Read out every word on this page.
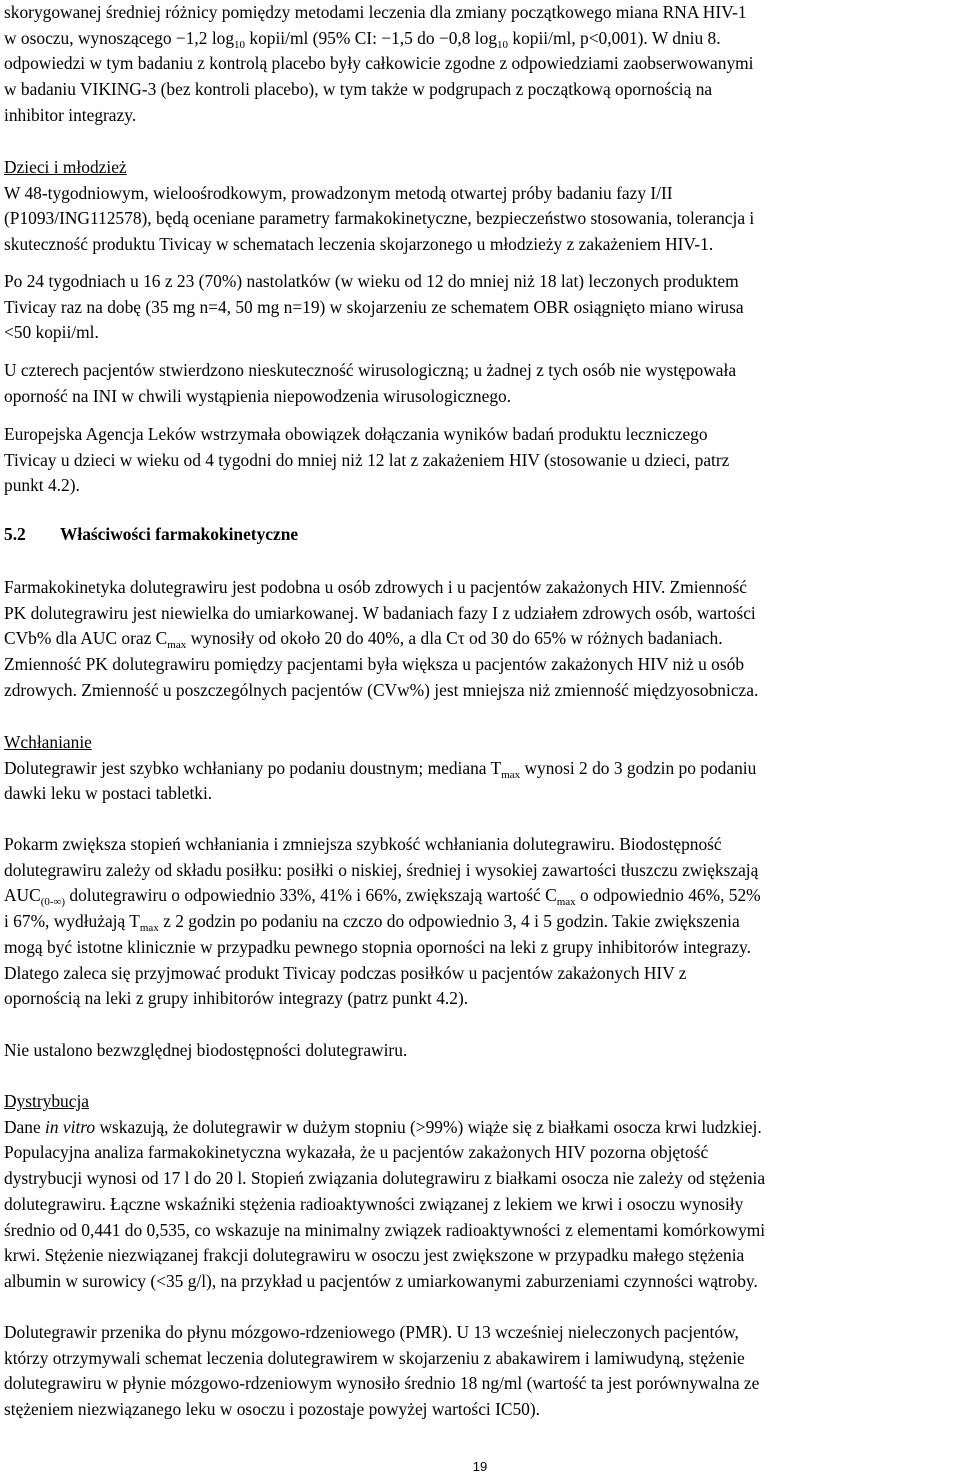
skorygowanej średniej różnicy pomiędzy metodami leczenia dla zmiany początkowego miana RNA HIV-1
w osoczu, wynoszącego −1,2 $\log_{10}$ kopii/ml (95% CI: −1,5 do −0,8 $\log_{10}$ kopii/ml, p<0,001). W dniu 8.
odpowiedzi w tym badaniu z kontrolą placebo były całkowicie zgodne z odpowiedziami zaobserwowanymi
w badaniu VIKING-3 (bez kontroli placebo), w tym także w podgrupach z początkową opornością na
inhibitor integrazy.

Dzieci i młodzież
W 48-tygodniowym, wieloośrodkowym, prowadzonym metodą otwartej próby badaniu fazy I/II
(P1093/ING112578), będą oceniane parametry farmakokinetyczne, bezpieczeństwo stosowania, tolerancja i
skuteczność produktu Tivicay w schematach leczenia skojarzonego u młodzieży z zakażeniem HIV-1.

Po 24 tygodniach u 16 z 23 (70%) nastolatków (w wieku od 12 do mniej niż 18 lat) leczonych produktem
Tivicay raz na dobę (35 mg n=4, 50 mg n=19) w skojarzeniu ze schematem OBR osiągnięto miano wirusa
<50 kopii/ml.

U czterech pacjentów stwierdzono nieskuteczność wirusologiczną; u żadnej z tych osób nie występowała
oporność na INI w chwili wystąpienia niepowodzenia wirusologicznego.

Europejska Agencja Leków wstrzymała obowiązek dołączania wyników badań produktu leczniczego
Tivicay u dzieci w wieku od 4 tygodni do mniej niż 12 lat z zakażeniem HIV (stosowanie u dzieci, patrz
punkt 4.2).

5.2 Właściwości farmakokinetyczne

Farmakokinetyka dolutegrawiru jest podobna u osób zdrowych i u pacjentów zakażonych HIV. Zmienność
PK dolutegrawiru jest niewielka do umiarkowanej. W badaniach fazy I z udziałem zdrowych osób, wartości
CVb% dla AUC oraz $C_{max}$ wynosiły od około 20 do 40%, a dla Cτ od 30 do 65% w różnych badaniach.
Zmienność PK dolutegrawiru pomiędzy pacjentami była większa u pacjentów zakażonych HIV niż u osób
zdrowych. Zmienność u poszczególnych pacjentów (CVw%) jest mniejsza niż zmienność międzyosobnicza.

Wchłanianie
Dolutegrawir jest szybko wchłaniany po podaniu doustnym; mediana $T_{max}$ wynosi 2 do 3 godzin po podaniu
dawki leku w postaci tabletki.

Pokarm zwiększa stopień wchłaniania i zmniejsza szybkość wchłaniania dolutegrawiru. Biodostępność
dolutegrawiru zależy od składu posiłku: posiłki o niskiej, średniej i wysokiej zawartości tłuszczu zwiększają
$AUC_{(0-\infty)}$ dolutegrawiru o odpowiednio 33%, 41% i 66%, zwiększają wartość $C_{max}$ o odpowiednio 46%, 52%
i 67%, wydłużają $T_{max}$ z 2 godzin po podaniu na czczo do odpowiednio 3, 4 i 5 godzin. Takie zwiększenia
mogą być istotne klinicznie w przypadku pewnego stopnia oporności na leki z grupy inhibitorów integrazy.
Dlatego zaleca się przyjmować produkt Tivicay podczas posiłków u pacjentów zakażonych HIV z
opornością na leki z grupy inhibitorów integrazy (patrz punkt 4.2).

Nie ustalono bezwzględnej biodostępności dolutegrawiru.

Dystrybucja
Dane in vitro wskazują, że dolutegrawir w dużym stopniu (>99%) wiąże się z białkami osocza krwi ludzkiej.
Populacyjna analiza farmakokinetyczna wykazała, że u pacjentów zakażonych HIV pozorna objętość
dystrybucji wynosi od 17 l do 20 l. Stopień związania dolutegrawiru z białkami osocza nie zależy od stężenia
dolutegrawiru. Łączne wskaźniki stężenia radioaktywności związanej z lekiem we krwi i osoczu wynosiły
średnio od 0,441 do 0,535, co wskazuje na minimalny związek radioaktywności z elementami komórkowymi
krwi. Stężenie niezwiązanej frakcji dolutegrawiru w osoczu jest zwiększone w przypadku małego stężenia
albumin w surowicy (<35 g/l), na przykład u pacjentów z umiarkowanymi zaburzeniami czynności wątroby.

Dolutegrawir przenika do płynu mózgowo-rdzeniowego (PMR). U 13 wcześniej nieleczonych pacjentów,
którzy otrzymywali schemat leczenia dolutegrawirem w skojarzeniu z abakawirem i lamiwudyną, stężenie
dolutegrawiru w płynie mózgowo-rdzeniowym wynosiło średnio 18 ng/ml (wartość ta jest porównywalna ze
stężeniem niezwiązanego leku w osoczu i pozostaje powyżej wartości IC50).

19
